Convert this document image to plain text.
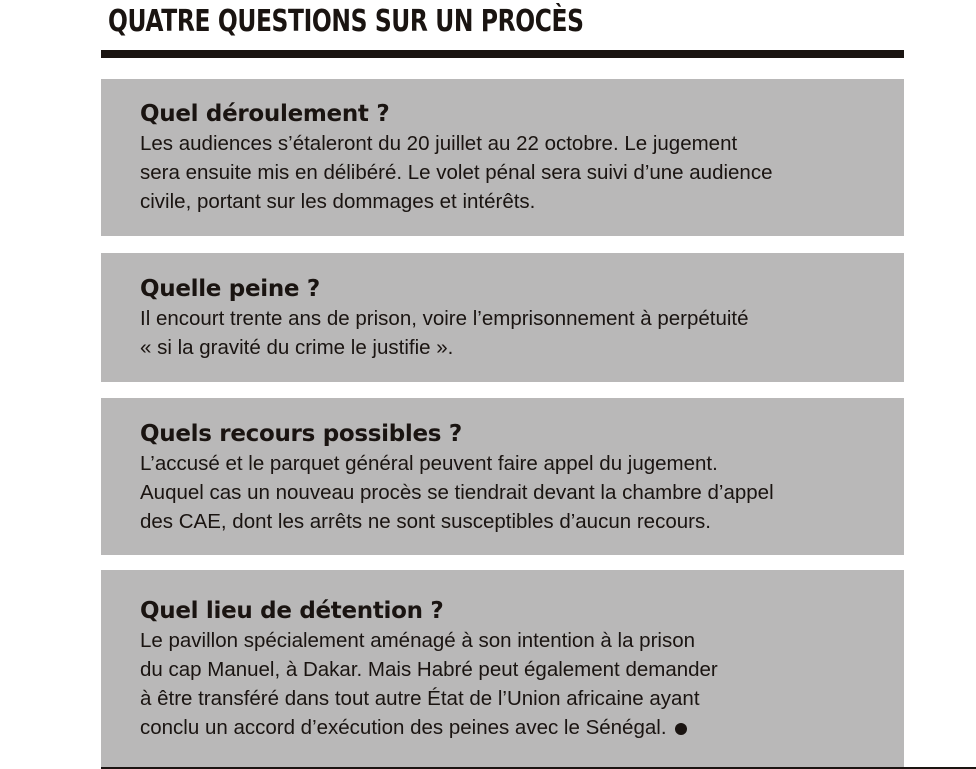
QUATRE QUESTIONS SUR UN PROCÈS
Quel déroulement ?
Les audiences s’étaleront du 20 juillet au 22 octobre. Le jugement
sera ensuite mis en délibéré. Le volet pénal sera suivi d’une audience
civile, portant sur les dommages et intérêts.
Quelle peine ?
Il encourt trente ans de prison, voire l’emprisonnement à perpétuité
« si la gravité du crime le justifie ».
Quels recours possibles ?
L’accusé et le parquet général peuvent faire appel du jugement.
Auquel cas un nouveau procès se tiendrait devant la chambre d’appel
des CAE, dont les arrêts ne sont susceptibles d’aucun recours.
Quel lieu de détention ?
Le pavillon spécialement aménagé à son intention à la prison
du cap Manuel, à Dakar. Mais Habré peut également demander
à être transféré dans tout autre État de l’Union africaine ayant
conclu un accord d’exécution des peines avec le Sénégal.
